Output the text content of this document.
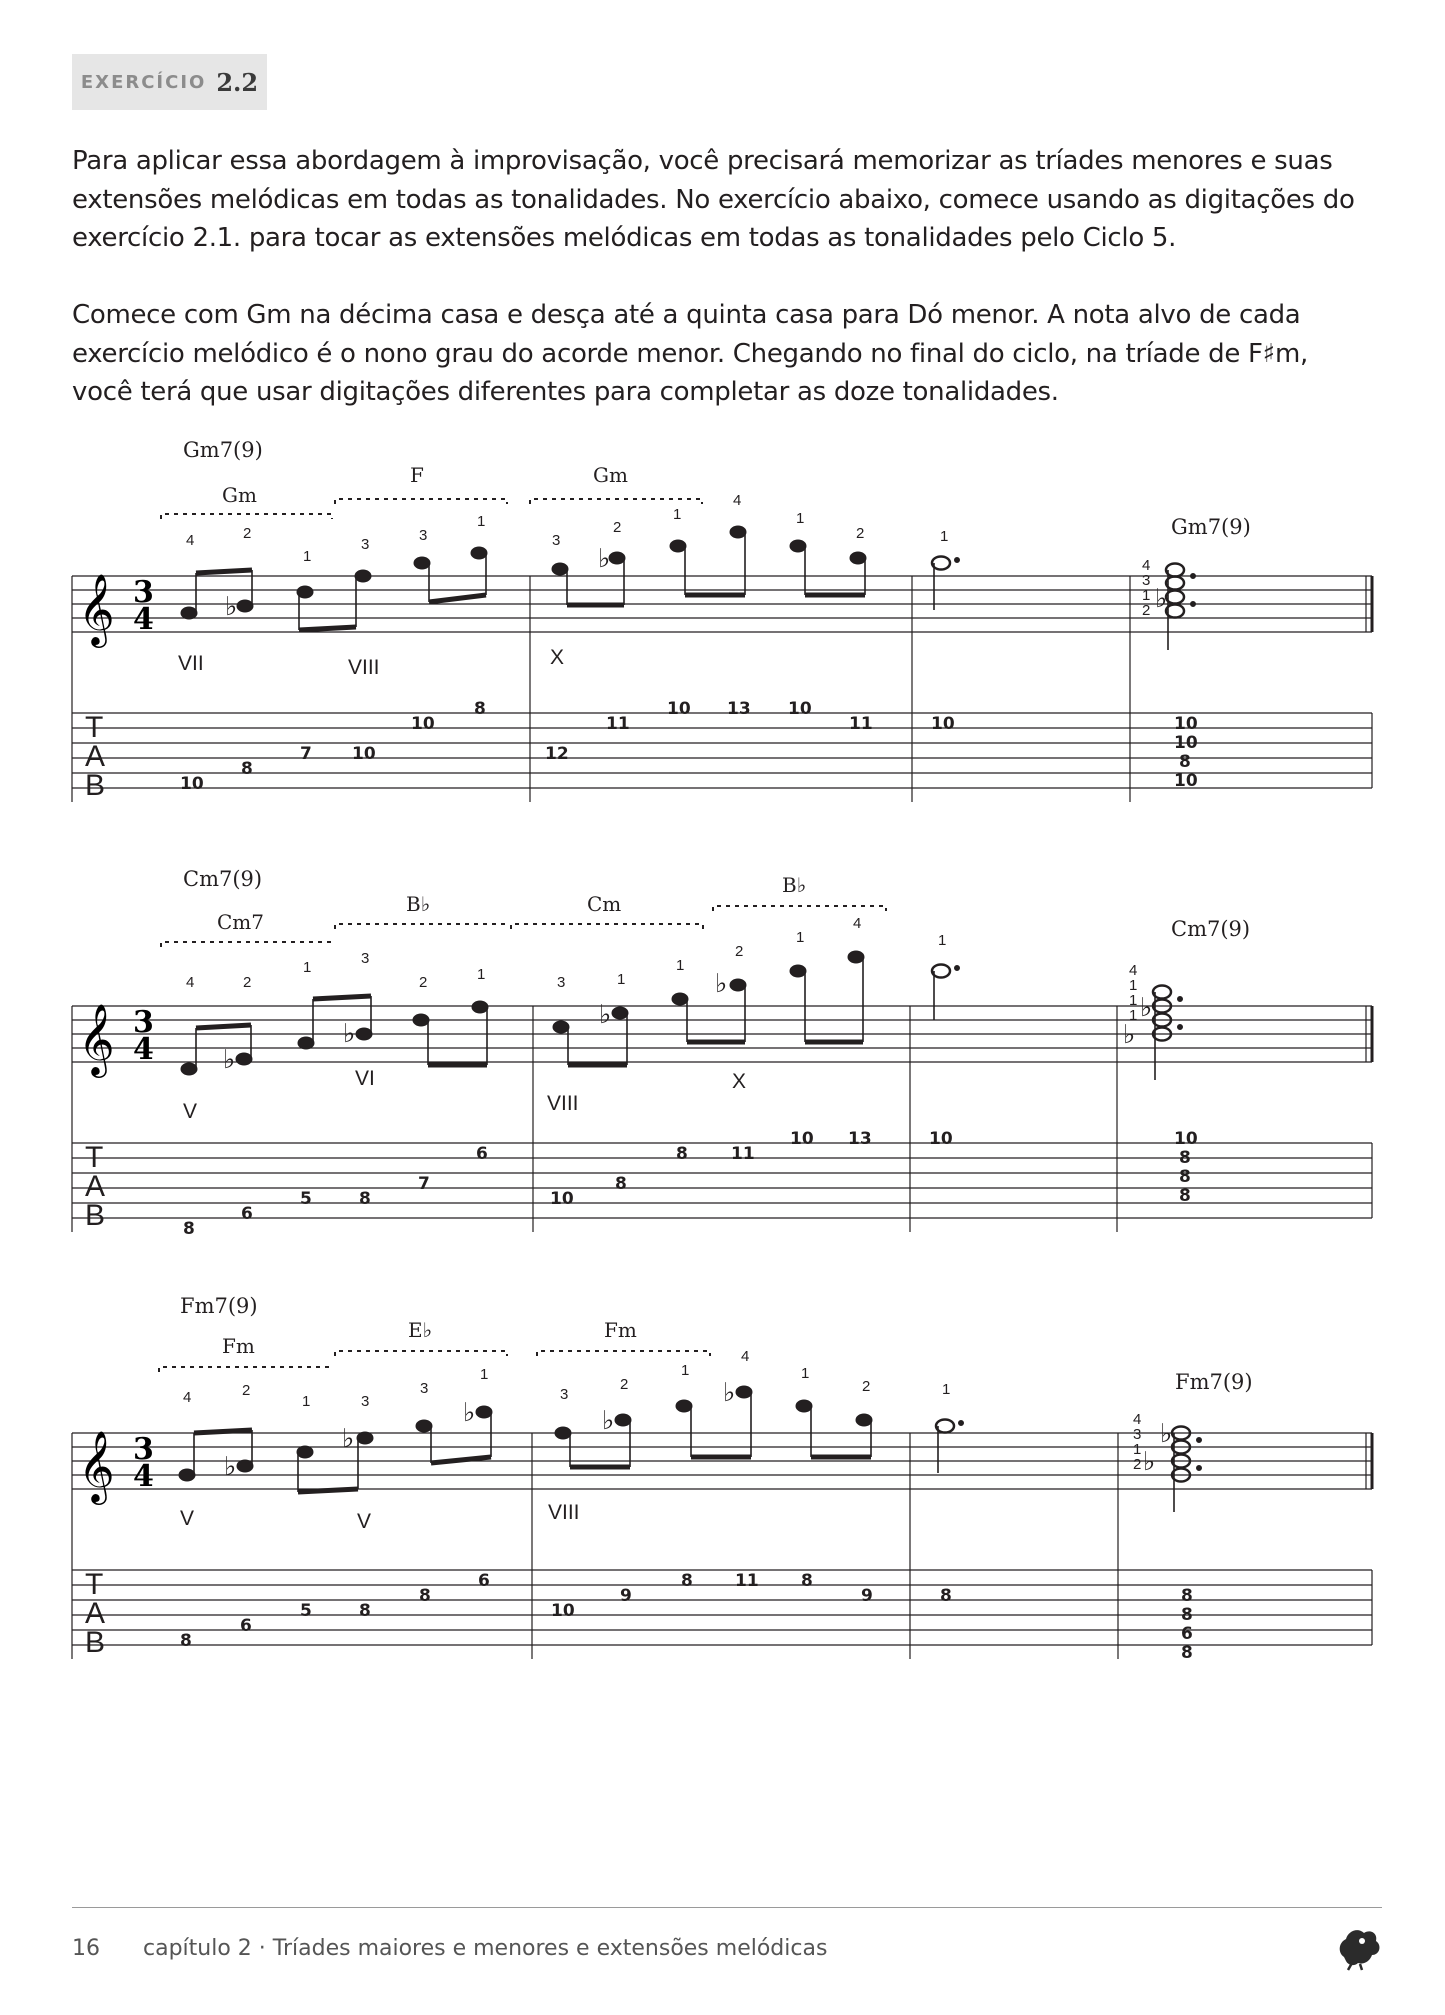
EXERCÍCIO 2.2

Para aplicar essa abordagem à improvisação, você precisará memorizar as tríades menores e suas extensões melódicas em todas as tonalidades. No exercício abaixo, comece usando as digitações do exercício 2.1. para tocar as extensões melódicas em todas as tonalidades pelo Ciclo 5.

Comece com Gm na décima casa e desça até a quinta casa para Dó menor. A nota alvo de cada exercício melódico é o nono grau do acorde menor. Chegando no final do ciclo, na tríade de F♯m, você terá que usar digitações diferentes para completar as doze tonalidades.

Gm7(9)
Gm
F	Gm
Gm7(9)
4	2
1
3
3
1
3
2
1
4
1
2	1
4
3
1
2
𝄞 3
4	♭
♭
♭
VII	VIII	X
T
A
B	10
8
7 10
10
8
12
11
10 13 10
11	10	10
10
8
10
Cm7(9)
Cm7
B♭	Cm
B♭
Cm7(9)
4	2
1
3
2	1	3	1
1
2
1
4
1
4
1
1
1
𝄞 3
4	♭
♭
♭
♭
♭
♭
V
VI
VIII
X
T
A
B	8
6
5	8
7
6
10
8
8	11
10 13	10	10
8
8
8
Fm7(9)
Fm
E♭	Fm
Fm7(9)
4	2
1	3
3
1
3
2
1
4
1
2	1
4
3
1
2
𝄞 3
4	♭
♭
♭	♭
♭
♭
♭
V	V	VIII
T
A
B	8
6
5	8
8
6
10
9
8 11 8
9	8	8
8
6
8
16 capítulo 2 · Tríades maiores e menores e extensões melódicas
